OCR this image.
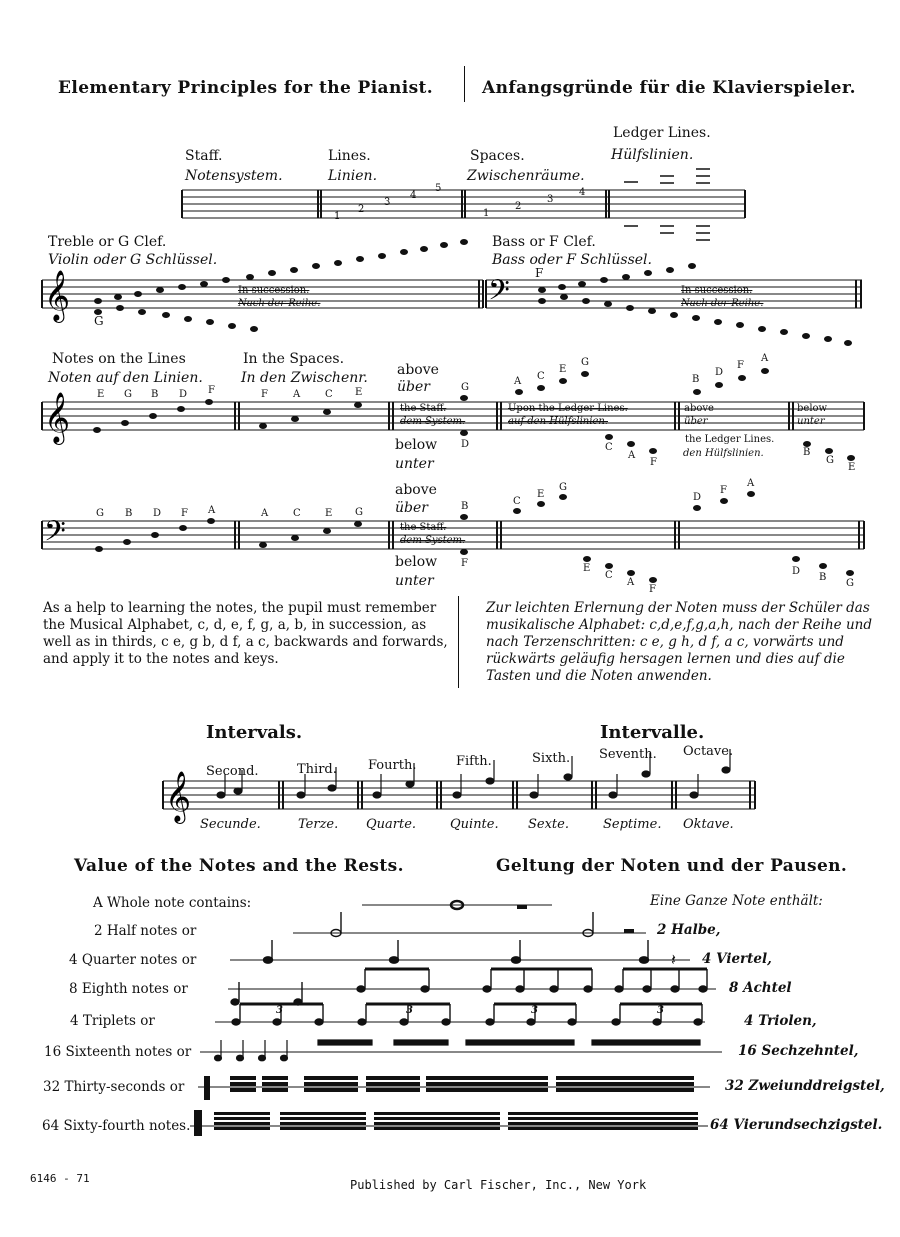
Elementary Principles for the Pianist.	Anfangsgründe für die Klavierspieler.
Staff.
Notensystem.
Lines.
Linien.
Spaces.
Zwischenräume.
Ledger Lines.
Hülfslinien.
1
2
3
4
5
1
2
3
4
Treble or G Clef.
Violin oder G Schlüssel.
Bass or F Clef.
Bass oder F Schlüssel.
𝄞	𝄢
G
F
In succession.
Nach der Reihe.
In succession.
Nach der Reihe.
Notes on the Lines
Noten auf den Linien.
In the Spaces.
In den Zwischenr. above
über
below
unter
𝄞	E G B D F	F	A C E	G
D
the Staff.
dem System.
Upon the Ledger Lines.
auf den Hülfslinien.
A C
E
G
C
A
F
B
D
F
A
above
über
below
unter
the Ledger Lines.
den Hülfslinien.	B
G
E
above
über
below
unter
𝄢
G B D F A	A C E G
B
F
the Staff.
dem System.
C
E
G
E
C
A
F
D
F
A
D
B
G
As a help to learning the notes, the pupil must remember the Musical Alphabet, c, d, e, f, g, a, b, in succession, as well as in thirds, c e, g b, d f, a c, backwards and forwards, and apply it to the notes and keys.
Zur leichten Erlernung der Noten muss der Schüler das musikalische Alphabet: c,d,e,f,g,a,h, nach der Reihe und nach Terzenschritten: c e, g h, d f, a c, vorwärts und rückwärts geläufig hersagen lernen und dies auf die Tasten und die Noten anwenden.
Intervals.	Intervalle.
𝄞 Second.
Secunde.
Third.
Terze.
Fourth.
Quarte.
Fifth.
Quinte.
Sixth.
Sexte.
Seventh.
Septime.
Octave.
Oktave.
Value of the Notes and the Rests.	Geltung der Noten und der Pausen.
A Whole note contains:	Eine Ganze Note enthält:
2 Half notes or	2 Halbe,
4 Quarter notes or	4 Viertel,
8 Eighth notes or	8 Achtel
4 Triplets or	4 Triolen,
16 Sixteenth notes or	16 Sechzehntel,
32 Thirty-seconds or	32 Zweiunddreigstel,
64 Sixty-fourth notes.	64 Vierundsechzigstel.
𝄽
3	3	3	3
6146 - 71	Published by Carl Fischer, Inc., New York
